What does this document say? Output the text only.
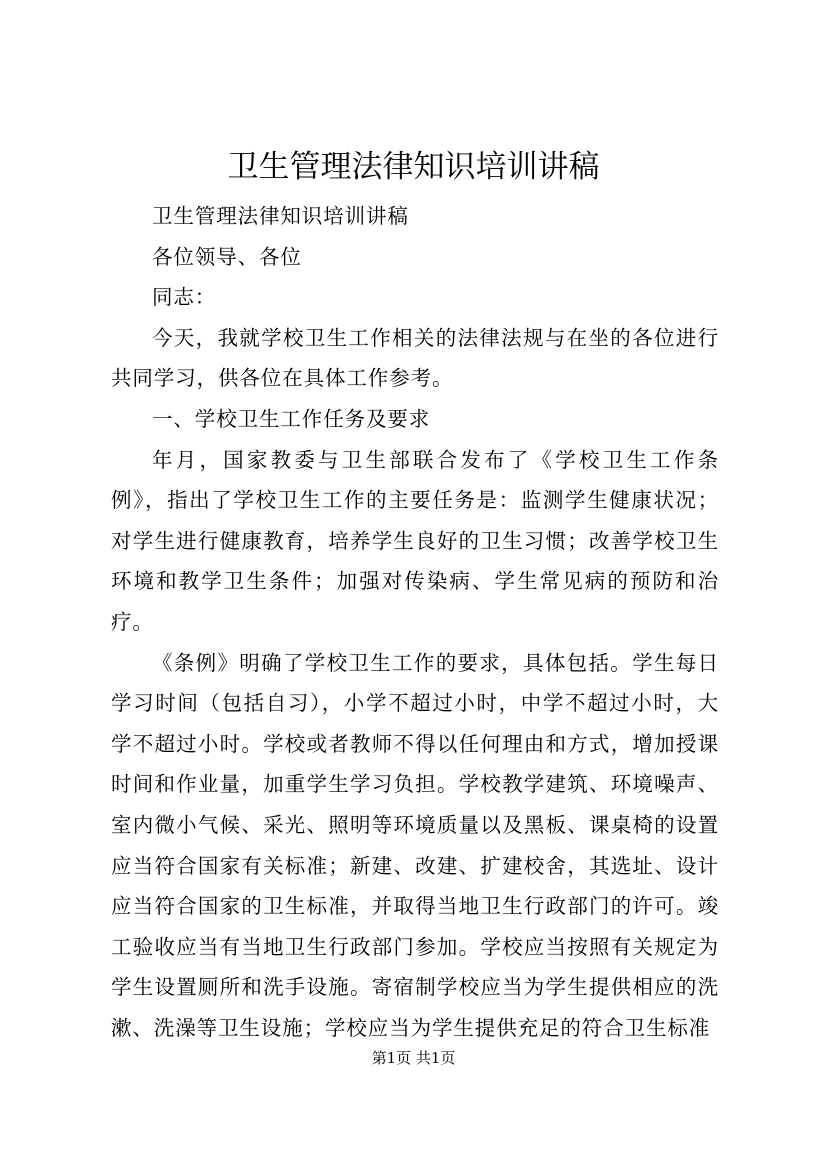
卫生管理法律知识培训讲稿

卫生管理法律知识培训讲稿

各位领导、各位

同志：

今天，我就学校卫生工作相关的法律法规与在坐的各位进行共同学习，供各位在具体工作参考。

一、学校卫生工作任务及要求

年月，国家教委与卫生部联合发布了《学校卫生工作条例》，指出了学校卫生工作的主要任务是：监测学生健康状况；对学生进行健康教育，培养学生良好的卫生习惯；改善学校卫生环境和教学卫生条件；加强对传染病、学生常见病的预防和治疗。

《条例》明确了学校卫生工作的要求，具体包括。学生每日学习时间（包括自习），小学不超过小时，中学不超过小时，大学不超过小时。学校或者教师不得以任何理由和方式，增加授课时间和作业量，加重学生学习负担。学校教学建筑、环境噪声、室内微小气候、采光、照明等环境质量以及黑板、课桌椅的设置应当符合国家有关标准；新建、改建、扩建校舍，其选址、设计应当符合国家的卫生标准，并取得当地卫生行政部门的许可。竣工验收应当有当地卫生行政部门参加。学校应当按照有关规定为学生设置厕所和洗手设施。寄宿制学校应当为学生提供相应的洗漱、洗澡等卫生设施；学校应当为学生提供充足的符合卫生标准

第1页 共1页
